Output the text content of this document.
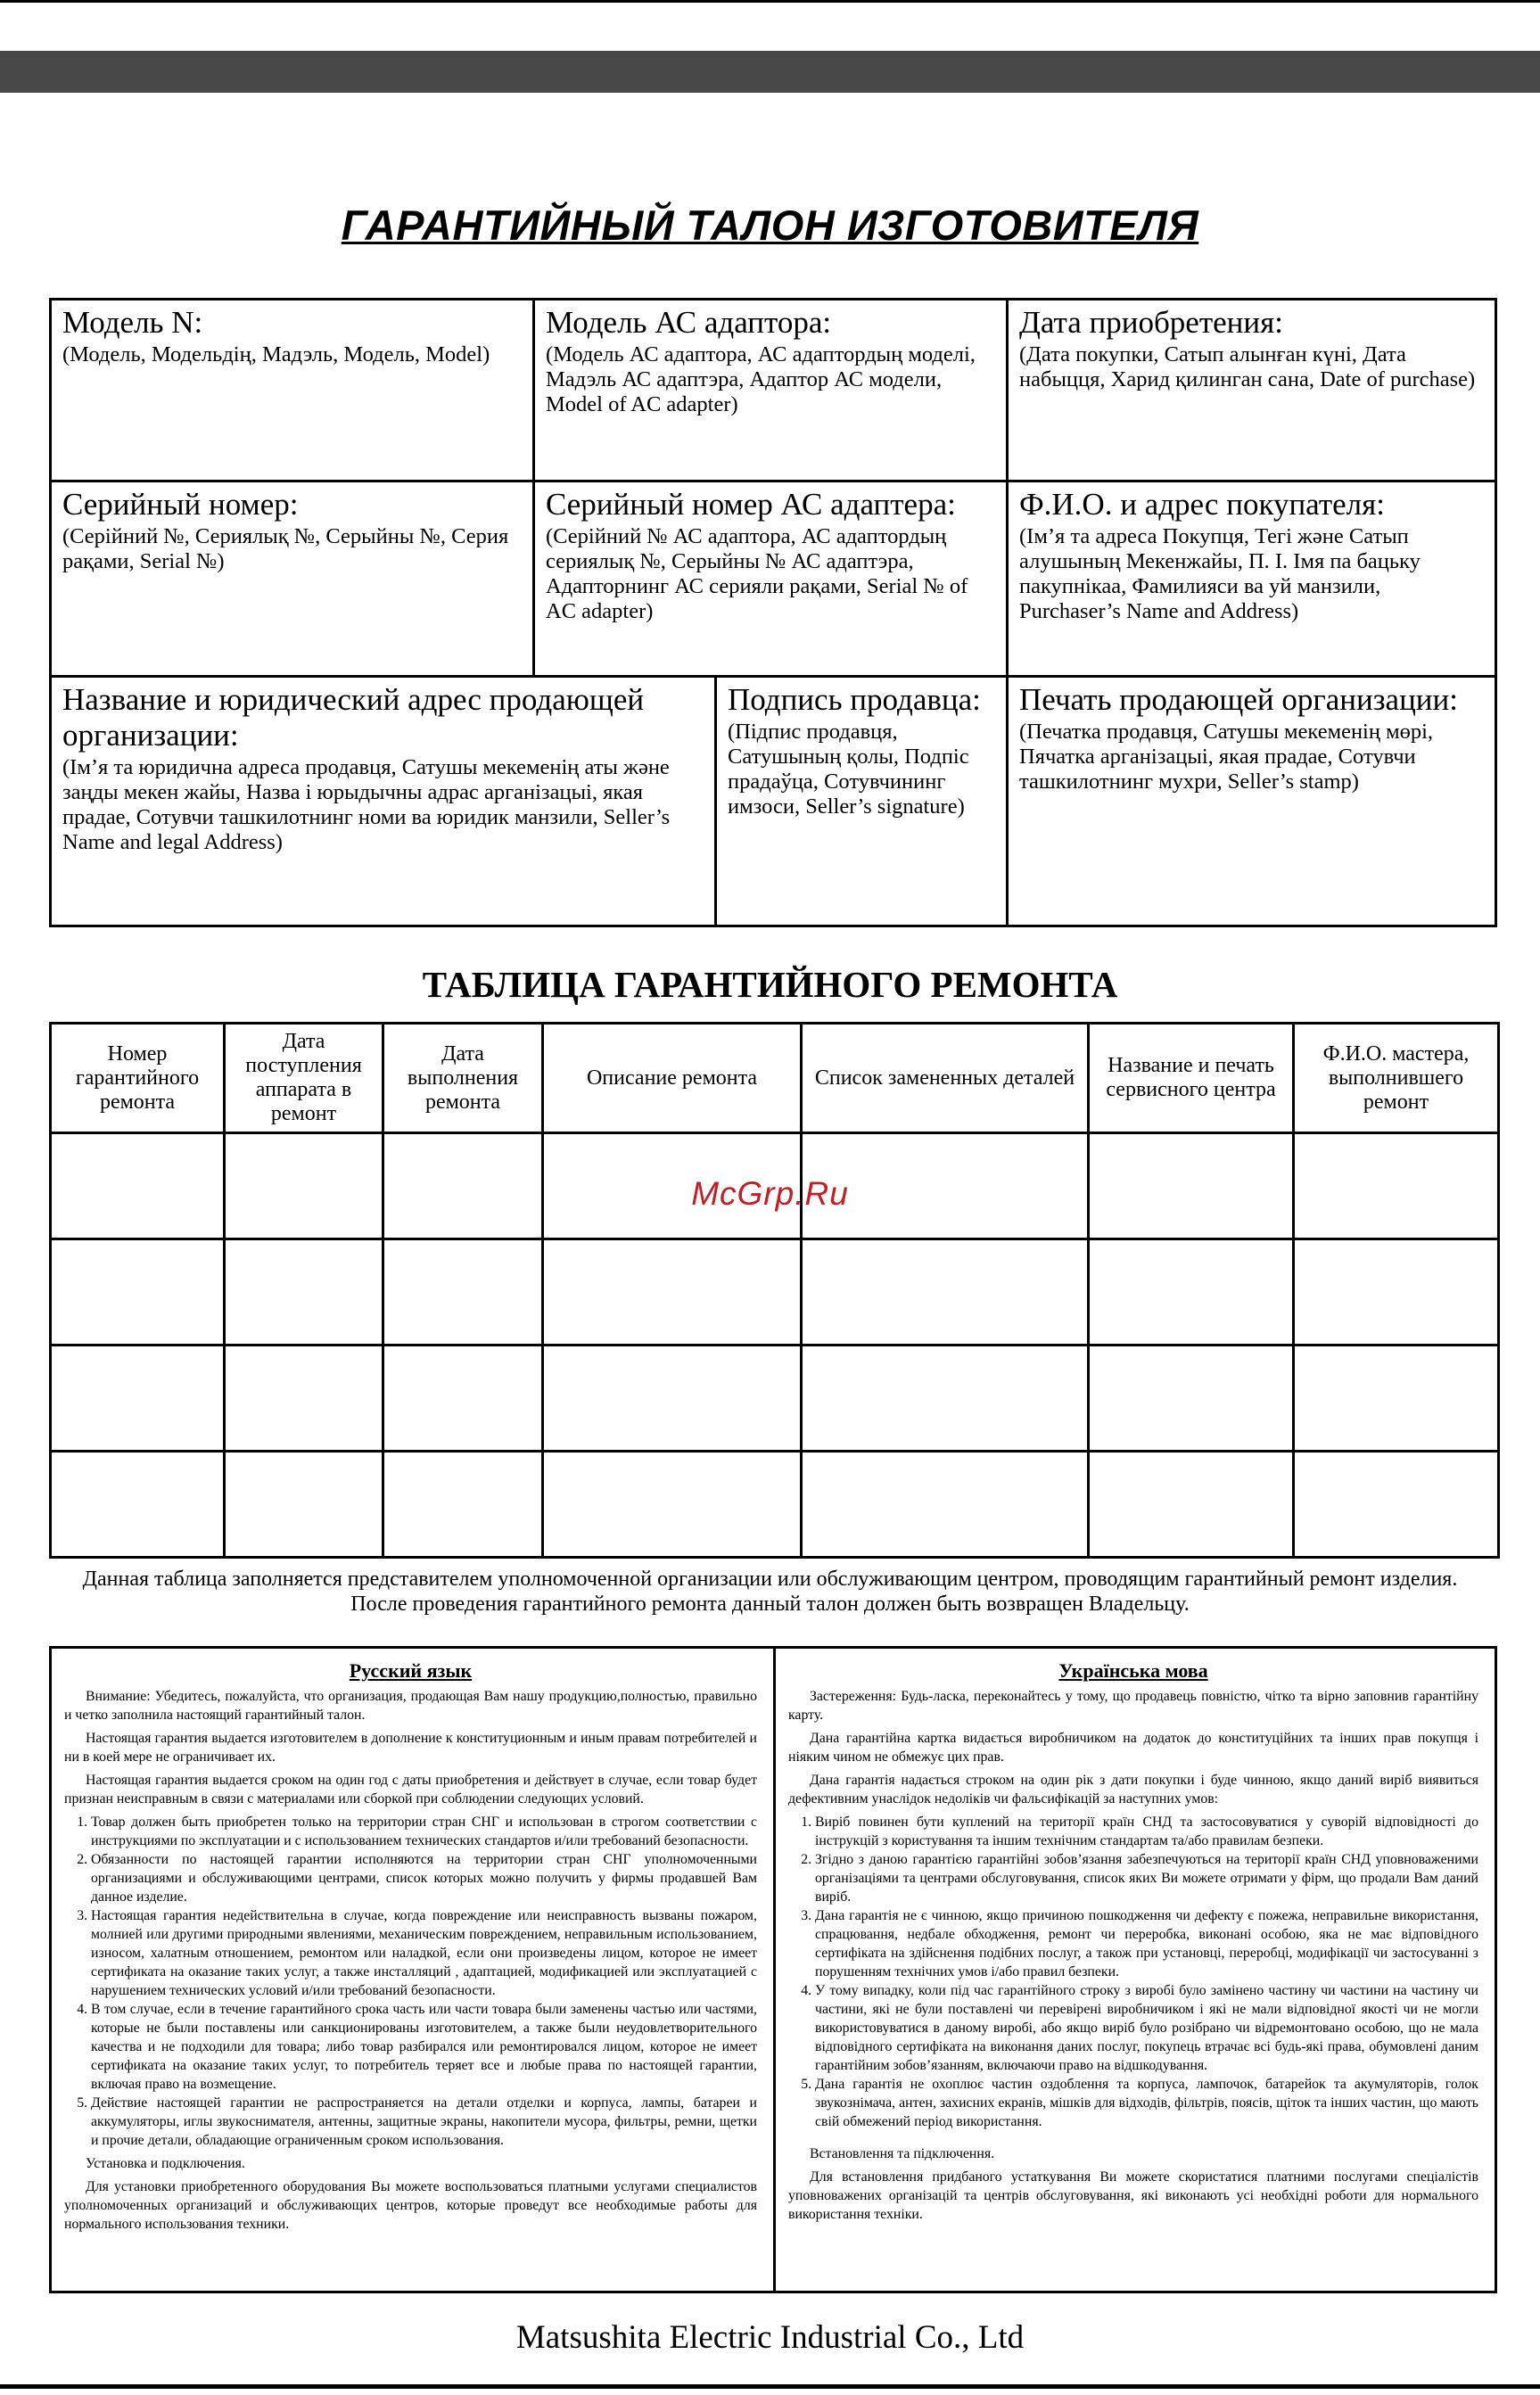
ГАРАНТИЙНЫЙ ТАЛОН ИЗГОТОВИТЕЛЯ
Модель N:
(Модель, Модельдің, Мадэль, Модель, Model)
Модель АС адаптора:
(Модель АС адаптора, АС адаптордың моделі, Мадэль АС адаптэра, Адаптор АС модели, Model of AC adapter)
Дата приобретения:
(Дата покупки, Сатып алынған күні, Дата набыцця, Харид қилинган сана, Date of purchase)
Серийный номер:
(Серійний №, Сериялық №, Серыйны №, Серия рақами, Serial №)
Серийный номер АС адаптера:
(Серійний № АС адаптора, АС адаптордың сериялық №, Серыйны № АС адаптэра, Адапторнинг АС серияли рақами, Serial № of AC adapter)
Ф.И.О. и адрес покупателя:
(Ім’я та адреса Покупця, Тегі және Сатып алушының Мекенжайы, П. І. Імя па бацьку пакупнікаа, Фамилияси ва уй манзили, Purchaser’s Name and Address)
Название и юридический адрес продающей организации:
(Ім’я та юридична адреса продавця, Сатушы мекеменің аты және заңды мекен жайы, Назва і юрыдычны адрас арганізацыі, якая прадае, Сотувчи ташкилотнинг номи ва юридик манзили, Seller’s Name and legal Address)
Подпись продавца:
(Підпис продавця, Сатушының қолы, Подпіс прадаўца, Сотувчининг имзоси, Seller’s signature)
Печать продающей организации:
(Печатка продавця, Сатушы мекеменің мөрі, Пячатка арганізацыі, якая прадае, Сотувчи ташкилотнинг мухри, Seller’s stamp)
ТАБЛИЦА ГАРАНТИЙНОГО РЕМОНТА
Номер гарантийного ремонта	Дата поступления аппарата в ремонт	Дата выполнения ремонта	Описание ремонта	Список замененных деталей	Название и печать сервисного центра	Ф.И.О. мастера, выполнившего ремонт

McGrp.Ru
Данная таблица заполняется представителем уполномоченной организации или обслуживающим центром, проводящим гарантийный ремонт изделия.
После проведения гарантийного ремонта данный талон должен быть возвращен Владельцу.
Русский язык

Внимание: Убедитесь, пожалуйста, что организация, продающая Вам нашу продукцию,полностью, правильно и четко заполнила настоящий гарантийный талон.

Настоящая гарантия выдается изготовителем в дополнение к конституционным и иным правам потребителей и ни в коей мере не ограничивает их.

Настоящая гарантия выдается сроком на один год с даты приобретения и действует в случае, если товар будет признан неисправным в связи с материалами или сборкой при соблюдении следующих условий.

1. Товар должен быть приобретен только на территории стран СНГ и использован в строгом соответствии с инструкциями по эксплуатации и с использованием технических стандартов и/или требований безопасности.
2. Обязанности по настоящей гарантии исполняются на территории стран СНГ уполномоченными организациями и обслуживающими центрами, список которых можно получить у фирмы продавшей Вам данное изделие.
3. Настоящая гарантия недействительна в случае, когда повреждение или неисправность вызваны пожаром, молнией или другими природными явлениями, механическим повреждением, неправильным использованием, износом, халатным отношением, ремонтом или наладкой, если они произведены лицом, которое не имеет сертификата на оказание таких услуг, а также инсталляций , адаптацией, модификацией или эксплуатацией с нарушением технических условий и/или требований безопасности.
4. В том случае, если в течение гарантийного срока часть или части товара были заменены частью или частями, которые не были поставлены или санкционированы изготовителем, а также были неудовлетворительного качества и не подходили для товара; либо товар разбирался или ремонтировался лицом, которое не имеет сертификата на оказание таких услуг, то потребитель теряет все и любые права по настоящей гарантии, включая право на возмещение.
5. Действие настоящей гарантии не распространяется на детали отделки и корпуса, лампы, батареи и аккумуляторы, иглы звукоснимателя, антенны, защитные экраны, накопители мусора, фильтры, ремни, щетки и прочие детали, обладающие ограниченным сроком использования.

Установка и подключения.

Для установки приобретенного оборудования Вы можете воспользоваться платными услугами специалистов уполномоченных организаций и обслуживающих центров, которые проведут все необходимые работы для нормального использования техники.

Українська мова

Застереження: Будь-ласка, переконайтесь у тому, що продавець повністю, чітко та вірно заповнив гарантійну карту.

Дана гарантійна картка видається виробничиком на додаток до конституційних та інших прав покупця і ніяким чином не обмежує цих прав.

Дана гарантія надається строком на один рік з дати покупки і буде чинною, якщо даний виріб виявиться дефективним унаслідок недоліків чи фальсифікацій за наступних умов:

1. Виріб повинен бути куплений на території країн СНД та застосовуватися у суворій відповідності до інструкцій з користування та іншим технічним стандартам та/або правилам безпеки.
2. Згідно з даною гарантією гарантійні зобов’язання забезпечуються на території країн СНД уповноваженими організаціями та центрами обслуговування, список яких Ви можете отримати у фірм, що продали Вам даний виріб.
3. Дана гарантія не є чинною, якщо причиною пошкодження чи дефекту є пожежа, неправильне використання, спрацювання, недбале обходження, ремонт чи переробка, виконані особою, яка не має відповідного сертифіката на здійснення подібних послуг, а також при установці, переробці, модифікації чи застосуванні з порушенням технічних умов і/або правил безпеки.
4. У тому випадку, коли під час гарантійного строку з виробі було замінено частину чи частини на частину чи частини, які не були поставлені чи перевірені виробничиком і які не мали відповідної якості чи не могли використовуватися в даному виробі, або якщо виріб було розібрано чи відремонтовано особою, що не мала відповідного сертифіката на виконання даних послуг, покупець втрачає всі будь-які права, обумовлені даним гарантійним зобов’язанням, включаючи право на відшкодування.
5. Дана гарантія не охоплює частин оздоблення та корпуса, лампочок, батарейок та акумуляторів, голок звукознімача, антен, захисних екранів, мішків для відходів, фільтрів, поясів, щіток та інших частин, що мають свій обмежений період використання.

Встановлення та підключення.

Для встановлення придбаного устаткування Ви можете скористатися платними послугами спеціалістів уповноважених організацій та центрів обслуговування, які виконають усі необхідні роботи для нормального використання техніки.

Matsushita Electric Industrial Co., Ltd
